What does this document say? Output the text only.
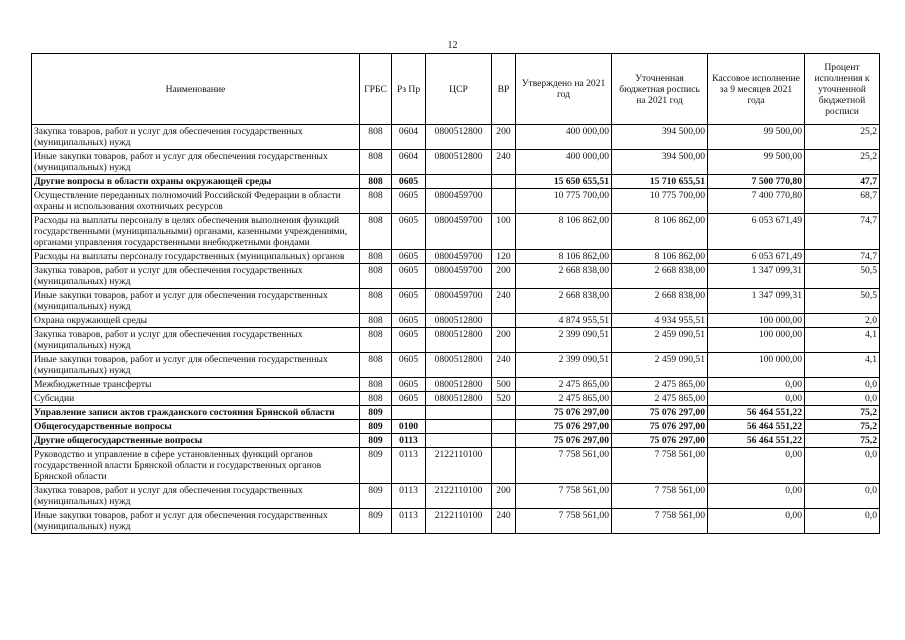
12
Наименование	ГРБС	Рз Пр	ЦСР	ВР	Утверждено на 2021 год	Уточненная бюджетная роспись на 2021 год	Кассовое исполнение за 9 месяцев 2021 года	Процент исполнения к уточненной бюджетной росписи
Закупка товаров, работ и услуг для обеспечения государственных (муниципальных) нужд	808	0604	0800512800	200	400 000,00	394 500,00	99 500,00	25,2
Иные закупки товаров, работ и услуг для обеспечения государственных (муниципальных) нужд	808	0604	0800512800	240	400 000,00	394 500,00	99 500,00	25,2
Другие вопросы в области охраны окружающей среды	808	0605			15 650 655,51	15 710 655,51	7 500 770,80	47,7
Осуществление переданных полномочий Российской Федерации в области охраны и использования охотничьих ресурсов	808	0605	0800459700		10 775 700,00	10 775 700,00	7 400 770,80	68,7
Расходы на выплаты персоналу в целях обеспечения выполнения функций государственными (муниципальными) органами, казенными учреждениями, органами управления государственными внебюджетными фондами	808	0605	0800459700	100	8 106 862,00	8 106 862,00	6 053 671,49	74,7
Расходы на выплаты персоналу государственных (муниципальных) органов	808	0605	0800459700	120	8 106 862,00	8 106 862,00	6 053 671,49	74,7
Закупка товаров, работ и услуг для обеспечения государственных (муниципальных) нужд	808	0605	0800459700	200	2 668 838,00	2 668 838,00	1 347 099,31	50,5
Иные закупки товаров, работ и услуг для обеспечения государственных (муниципальных) нужд	808	0605	0800459700	240	2 668 838,00	2 668 838,00	1 347 099,31	50,5
Охрана окружающей среды	808	0605	0800512800		4 874 955,51	4 934 955,51	100 000,00	2,0
Закупка товаров, работ и услуг для обеспечения государственных (муниципальных) нужд	808	0605	0800512800	200	2 399 090,51	2 459 090,51	100 000,00	4,1
Иные закупки товаров, работ и услуг для обеспечения государственных (муниципальных) нужд	808	0605	0800512800	240	2 399 090,51	2 459 090,51	100 000,00	4,1
Межбюджетные трансферты	808	0605	0800512800	500	2 475 865,00	2 475 865,00	0,00	0,0
Субсидии	808	0605	0800512800	520	2 475 865,00	2 475 865,00	0,00	0,0
Управление записи актов гражданского состояния Брянской области	809				75 076 297,00	75 076 297,00	56 464 551,22	75,2
Общегосударственные вопросы	809	0100			75 076 297,00	75 076 297,00	56 464 551,22	75,2
Другие общегосударственные вопросы	809	0113			75 076 297,00	75 076 297,00	56 464 551,22	75,2
Руководство и управление в сфере установленных функций органов государственной власти Брянской области и государственных органов Брянской области	809	0113	2122110100		7 758 561,00	7 758 561,00	0,00	0,0
Закупка товаров, работ и услуг для обеспечения государственных (муниципальных) нужд	809	0113	2122110100	200	7 758 561,00	7 758 561,00	0,00	0,0
Иные закупки товаров, работ и услуг для обеспечения государственных (муниципальных) нужд	809	0113	2122110100	240	7 758 561,00	7 758 561,00	0,00	0,0
